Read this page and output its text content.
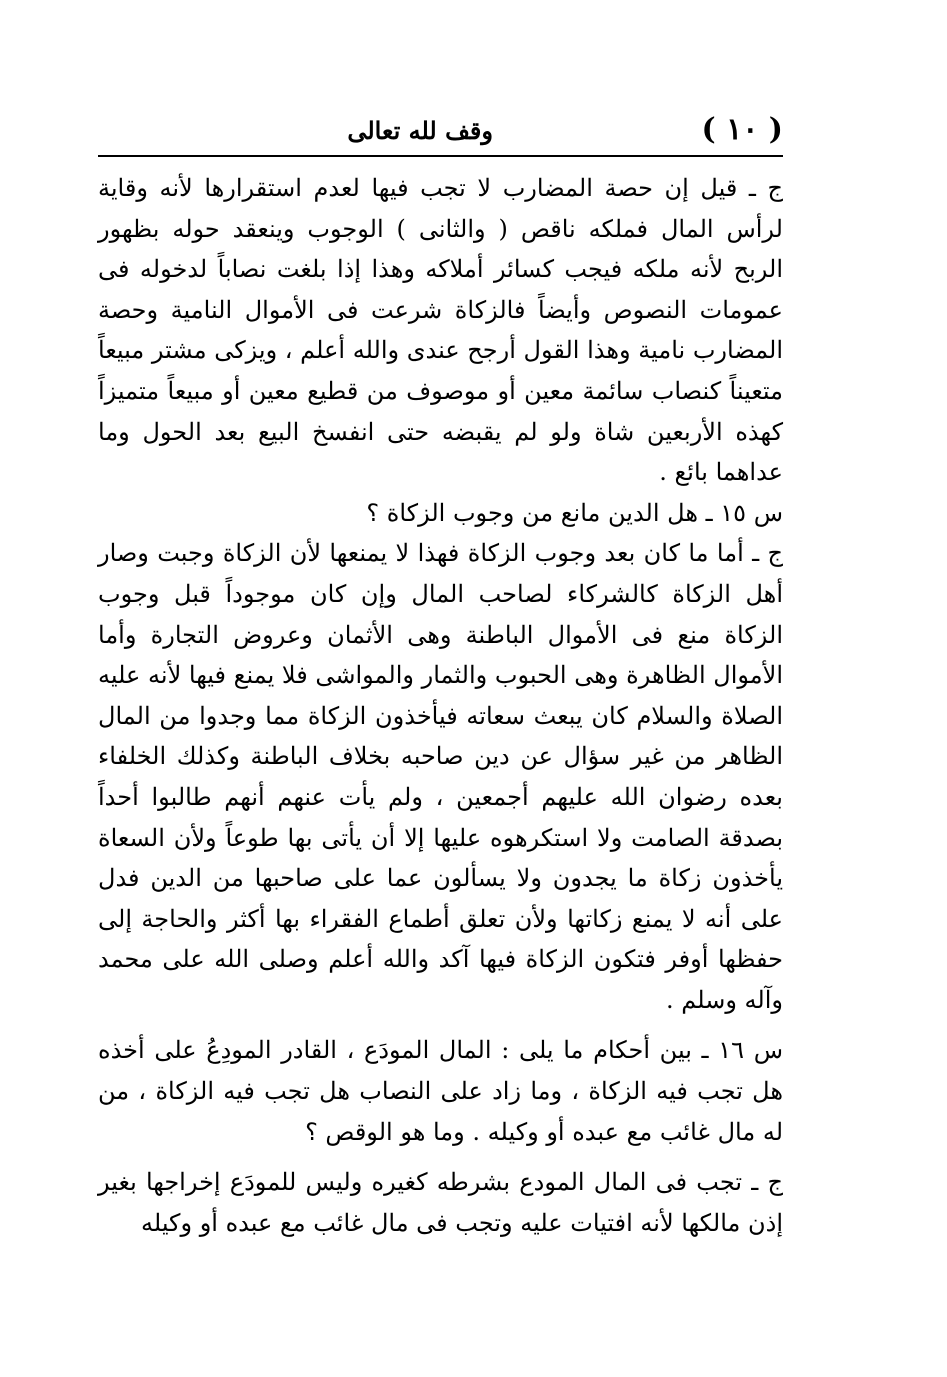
( ١٠ )
وقف لله تعالى

ج ـ قيل إن حصة المضارب لا تجب فيها لعدم استقرارها لأنه وقاية لرأس المال فملكه ناقص ( والثانى ) الوجوب وينعقد حوله بظهور الربح لأنه ملكه فيجب كسائر أملاكه وهذا إذا بلغت نصاباً لدخوله فى عمومات النصوص وأيضاً فالزكاة شرعت فى الأموال النامية وحصة المضارب نامية وهذا القول أرجح عندى والله أعلم ، ويزكى مشتر مبيعاً متعيناً كنصاب سائمة معين أو موصوف من قطيع معين أو مبيعاً متميزاً كهذه الأربعين شاة ولو لم يقبضه حتى انفسخ البيع بعد الحول وما عداهما بائع .

س ١٥ ـ هل الدين مانع من وجوب الزكاة ؟

ج ـ أما ما كان بعد وجوب الزكاة فهذا لا يمنعها لأن الزكاة وجبت وصار أهل الزكاة كالشركاء لصاحب المال وإن كان موجوداً قبل وجوب الزكاة منع فى الأموال الباطنة وهى الأثمان وعروض التجارة وأما الأموال الظاهرة وهى الحبوب والثمار والمواشى فلا يمنع فيها لأنه عليه الصلاة والسلام كان يبعث سعاته فيأخذون الزكاة مما وجدوا من المال الظاهر من غير سؤال عن دين صاحبه بخلاف الباطنة وكذلك الخلفاء بعده رضوان الله عليهم أجمعين ، ولم يأت عنهم أنهم طالبوا أحداً بصدقة الصامت ولا استكرهوه عليها إلا أن يأتى بها طوعاً ولأن السعاة يأخذون زكاة ما يجدون ولا يسألون عما على صاحبها من الدين فدل على أنه لا يمنع زكاتها ولأن تعلق أطماع الفقراء بها أكثر والحاجة إلى حفظها أوفر فتكون الزكاة فيها آكد والله أعلم وصلى الله على محمد وآله وسلم .

س ١٦ ـ بين أحكام ما يلى : المال المودَع ، القادر المودِعُ على أخذه هل تجب فيه الزكاة ، وما زاد على النصاب هل تجب فيه الزكاة ، من له مال غائب مع عبده أو وكيله . وما هو الوقص ؟

ج ـ تجب فى المال المودع بشرطه كغيره وليس للمودَع إخراجها بغير إذن مالكها لأنه افتيات عليه وتجب فى مال غائب مع عبده أو وكيله
